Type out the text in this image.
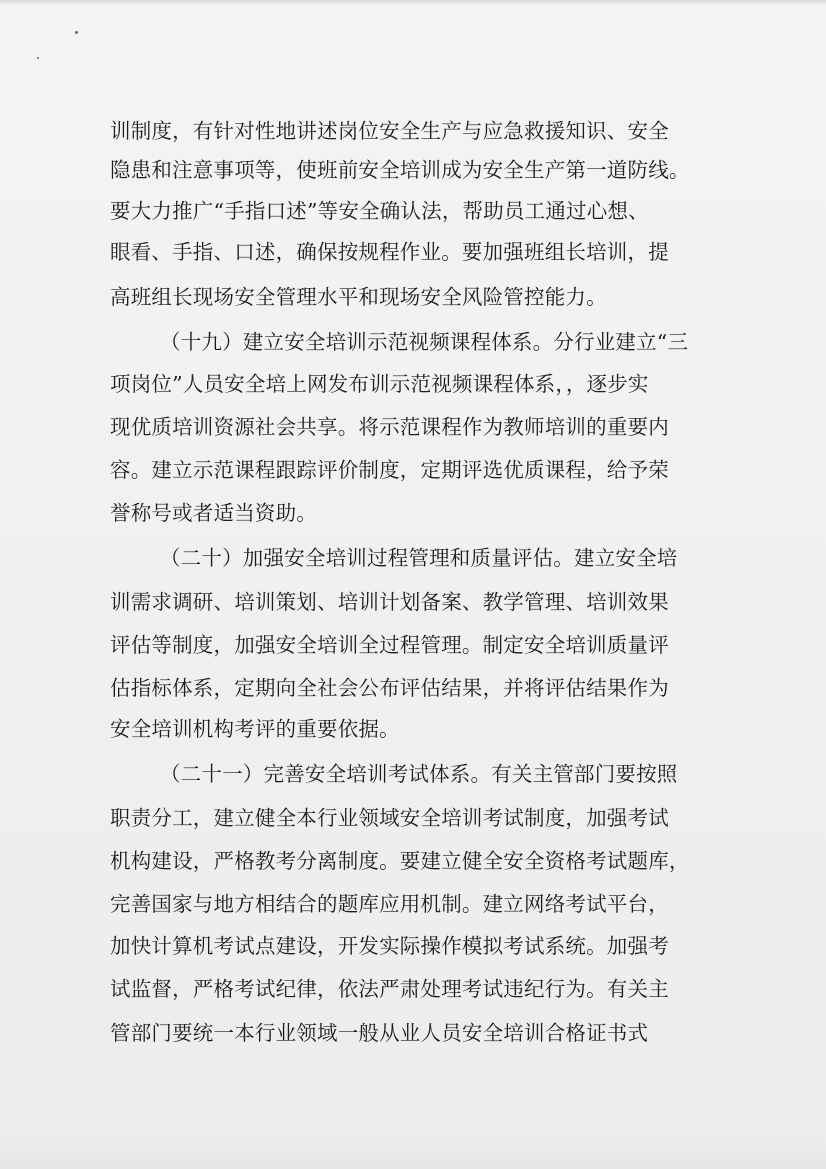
训制度，有针对性地讲述岗位安全生产与应急救援知识、安全

隐患和注意事项等，使班前安全培训成为安全生产第一道防线。

要大力推广“手指口述”等安全确认法，帮助员工通过心想、

眼看、手指、口述，确保按规程作业。要加强班组长培训，提

高班组长现场安全管理水平和现场安全风险管控能力。

（十九）建立安全培训示范视频课程体系。分行业建立“三

项岗位”人员安全培上网发布训示范视频课程体系，，逐步实

现优质培训资源社会共享。将示范课程作为教师培训的重要内

容。建立示范课程跟踪评价制度，定期评选优质课程，给予荣

誉称号或者适当资助。

（二十）加强安全培训过程管理和质量评估。建立安全培

训需求调研、培训策划、培训计划备案、教学管理、培训效果

评估等制度，加强安全培训全过程管理。制定安全培训质量评

估指标体系，定期向全社会公布评估结果，并将评估结果作为

安全培训机构考评的重要依据。

（二十一）完善安全培训考试体系。有关主管部门要按照

职责分工，建立健全本行业领域安全培训考试制度，加强考试

机构建设，严格教考分离制度。要建立健全安全资格考试题库，

完善国家与地方相结合的题库应用机制。建立网络考试平台，

加快计算机考试点建设，开发实际操作模拟考试系统。加强考

试监督，严格考试纪律，依法严肃处理考试违纪行为。有关主

管部门要统一本行业领域一般从业人员安全培训合格证书式
